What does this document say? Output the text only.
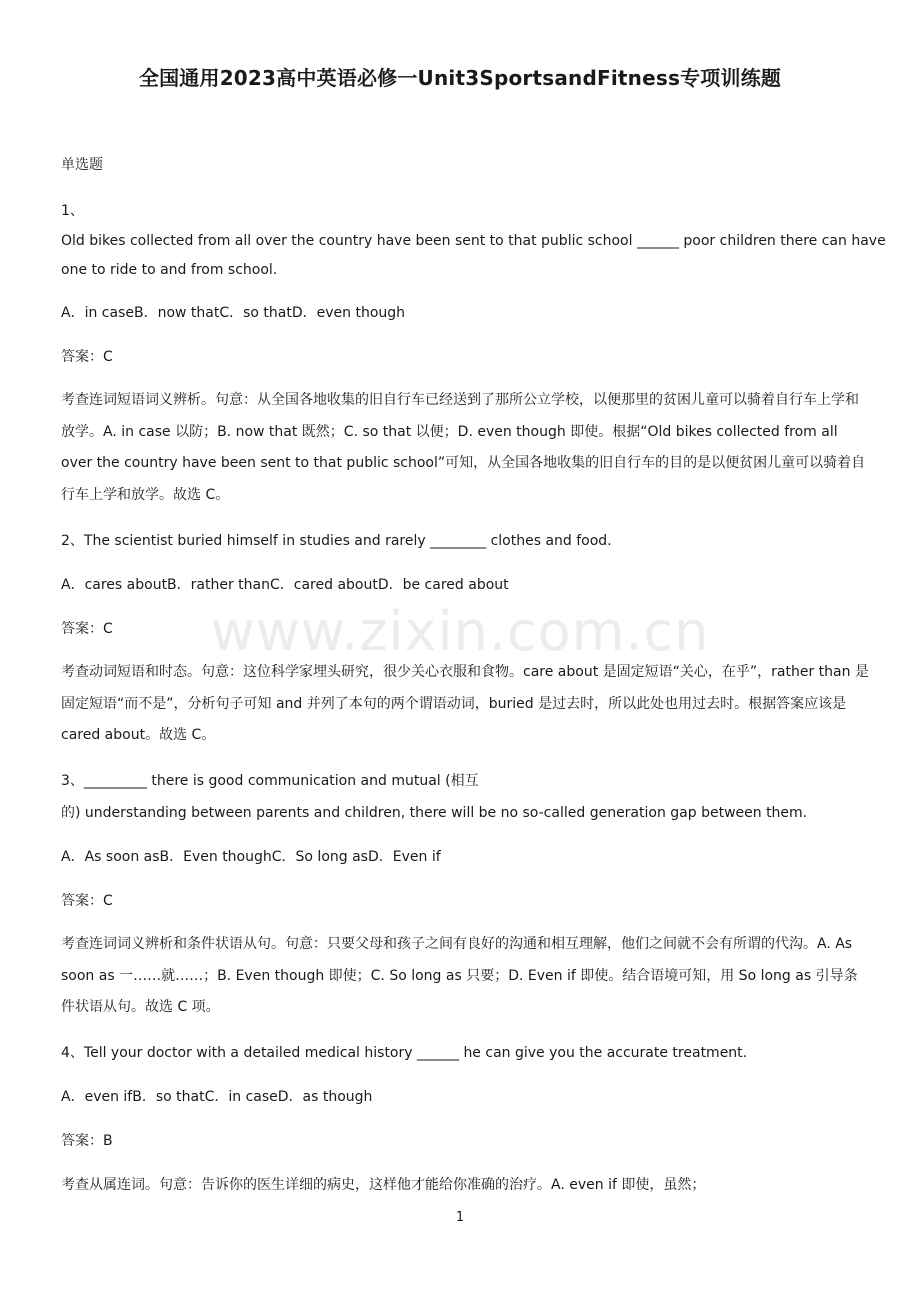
全国通用2023高中英语必修一Unit3SportsandFitness专项训练题
www.zixin.com.cn
单选题
1、
Old bikes collected from all over the country have been sent to that public school ______ poor children there can have
one to ride to and from school.
A．in caseB．now thatC．so thatD．even though
答案：C
考查连词短语词义辨析。句意：从全国各地收集的旧自行车已经送到了那所公立学校，以便那里的贫困儿童可以骑着自行车上学和放学。A. in case 以防；B. now that 既然；C. so that 以便；D. even though 即使。根据“Old bikes collected from all over the country have been sent to that public school”可知，从全国各地收集的旧自行车的目的是以便贫困儿童可以骑着自行车上学和放学。故选 C。
2、The scientist buried himself in studies and rarely ________ clothes and food.
A．cares aboutB．rather thanC．cared aboutD．be cared about
答案：C
考查动词短语和时态。句意：这位科学家埋头研究，很少关心衣服和食物。care about 是固定短语“关心，在乎”，rather than 是固定短语“而不是”，分析句子可知 and 并列了本句的两个谓语动词，buried 是过去时，所以此处也用过去时。根据答案应该是 cared about。故选 C。
3、_________ there is good communication and mutual (相互
的) understanding between parents and children, there will be no so-called generation gap between them.
A．As soon asB．Even thoughC．So long asD．Even if
答案：C
考查连词词义辨析和条件状语从句。句意：只要父母和孩子之间有良好的沟通和相互理解，他们之间就不会有所谓的代沟。A. As soon as 一……就……；B. Even though 即使；C. So long as 只要；D. Even if 即使。结合语境可知，用 So long as 引导条件状语从句。故选 C 项。
4、Tell your doctor with a detailed medical history ______ he can give you the accurate treatment.
A．even ifB．so thatC．in caseD．as though
答案：B
考查从属连词。句意：告诉你的医生详细的病史，这样他才能给你准确的治疗。A. even if 即使，虽然；
1
